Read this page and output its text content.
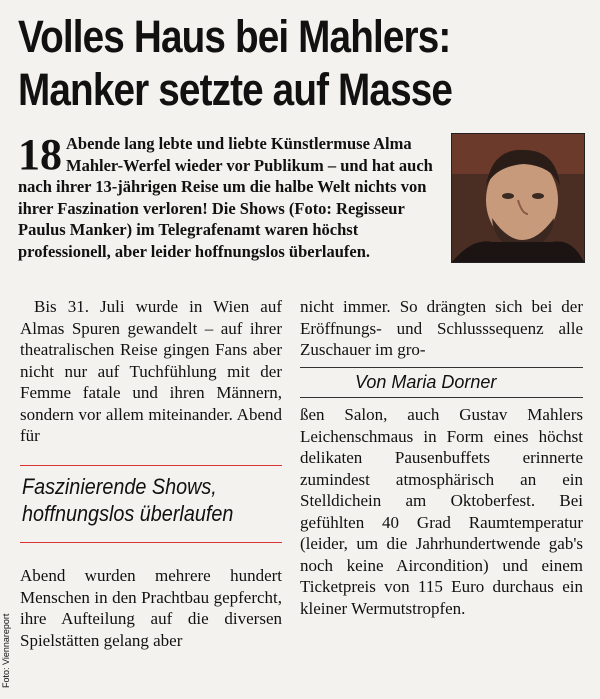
Volles Haus bei Mahlers:
Manker setzte auf Masse

18 Abende lang lebte und liebte Künstlermuse Alma Mahler-Werfel wieder vor Publikum – und hat auch nach ihrer 13-jährigen Reise um die halbe Welt nichts von ihrer Faszination verloren! Die Shows (Foto: Regisseur Paulus Manker) im Telegrafenamt waren höchst professionell, aber leider hoffnungslos überlaufen.

Bis 31. Juli wurde in Wien auf Almas Spuren gewandelt – auf ihrer theatralischen Reise gingen Fans aber nicht nur auf Tuchfühlung mit der Femme fatale und ihren Männern, sondern vor allem miteinander. Abend für

Faszinierende Shows,
hoffnungslos überlaufen

Abend wurden mehrere hundert Menschen in den Prachtbau gepfercht, ihre Aufteilung auf die diversen Spielstätten gelang aber

nicht immer. So drängten sich bei der Eröffnungs- und Schlusssequenz alle Zuschauer im gro-

Von Maria Dorner

ßen Salon, auch Gustav Mahlers Leichenschmaus in Form eines höchst delikaten Pausenbuffets erinnerte zumindest atmosphärisch an ein Stelldichein am Oktoberfest. Bei gefühlten 40 Grad Raumtemperatur (leider, um die Jahrhundertwende gab's noch keine Aircondition) und einem Ticketpreis von 115 Euro durchaus ein kleiner Wermutstropfen.

Foto: Viennareport
